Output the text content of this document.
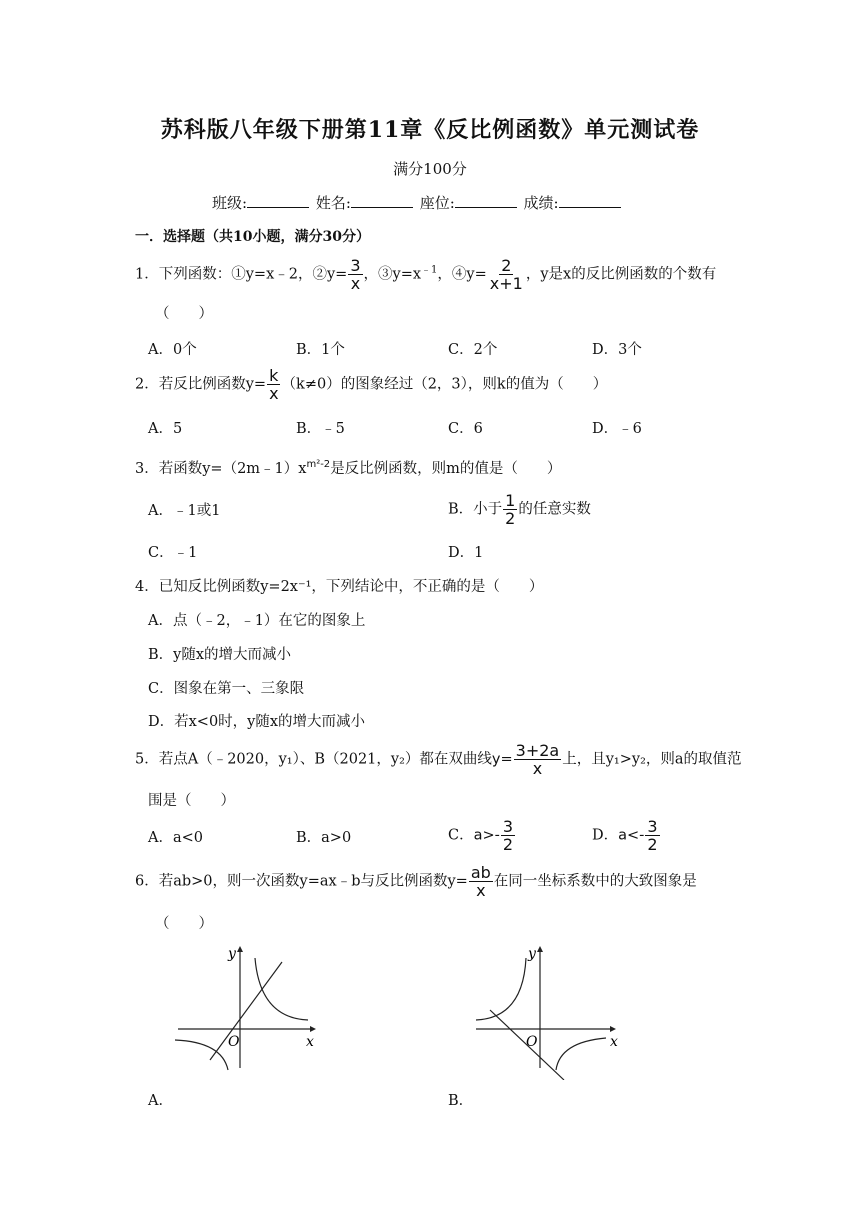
苏科版八年级下册第11章《反比例函数》单元测试卷
满分100分
班级:	姓名:	座位:	成绩:
一．选择题（共10小题，满分30分）
1．下列函数：①y=x﹣2，②y= $\frac{3}{x}$ ，$③y=x^{﹣1}$，④y= $\frac{2}{x+1}$ ，y是x的反比例函数的个数有
（　　）
A．0个	B．1个	C．2个	D．3个
2．若反比例函数$y= \frac{k}{x} (k\ne 0)$的图象经过（2，3），则k的值为（　　）
A．5	B．﹣5	C．6	D．﹣6
3．若函数$y=(2m﹣1)x^{m^2-2}$是反比例函数，则m的值是（　　）
A．﹣1或1	B．小于 $\frac{1}{2}$ 的任意实数
C．﹣1	D．1
4．已知反比例函数y=2x⁻¹，下列结论中，不正确的是（　　）
A．点（﹣2，﹣1）在它的图象上
B．y随x的增大而减小
C．图象在第一、三象限
D．若x<0时，y随x的增大而减小
5．若点A（﹣2020，y₁）、B（2021，y₂）都在双曲线$y= \frac{3+2a}{x}$ 上，且y₁>y₂，则a的取值范
围是（　　）
A．a<0	B．a>0	C．$a>- \frac{3}{2}$	D．$a<- \frac{3}{2}$
6．若ab>0，则一次函数y=ax﹣b与反比例函数$y= \frac{ab}{x}$ 在同一坐标系数中的大致图象是
（　　）
x
y
O
A．
x
y
O
B．
